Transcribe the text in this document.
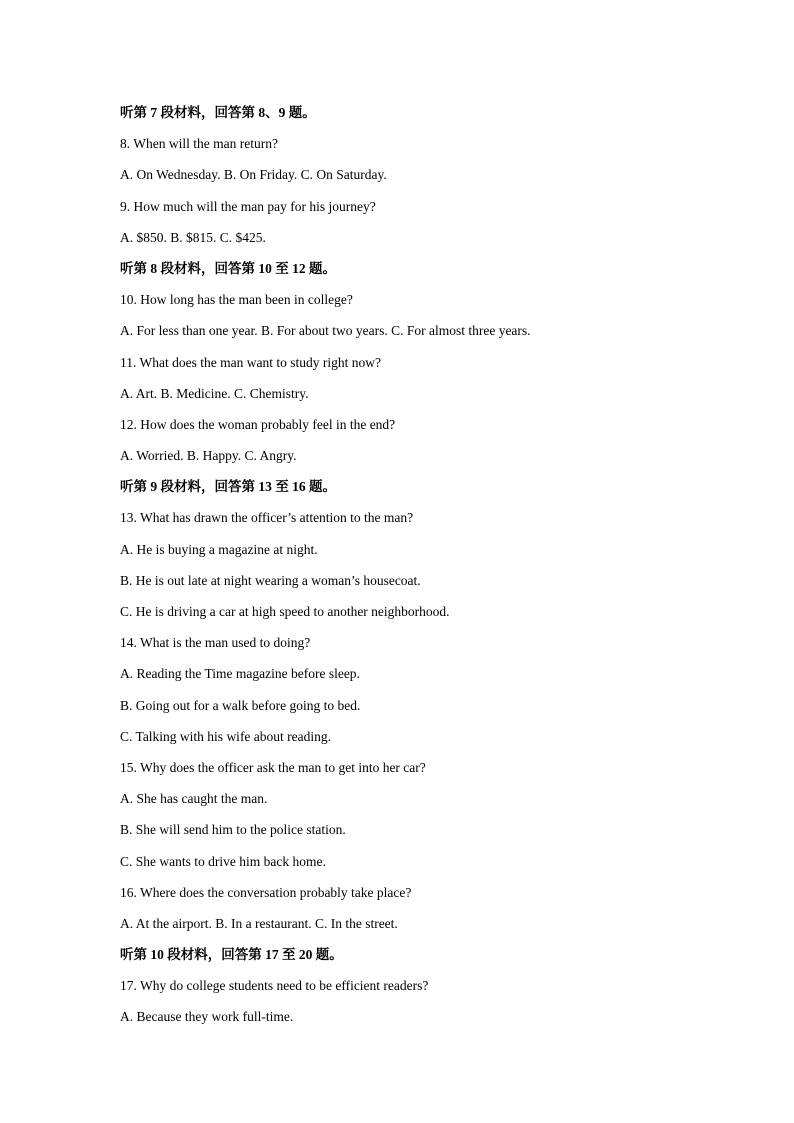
听第 7 段材料，回答第 8、9 题。
8. When will the man return?
A. On Wednesday. B. On Friday. C. On Saturday.
9. How much will the man pay for his journey?
A. $850. B. $815. C. $425.
听第 8 段材料，回答第 10 至 12 题。
10. How long has the man been in college?
A. For less than one year. B. For about two years. C. For almost three years.
11. What does the man want to study right now?
A. Art. B. Medicine. C. Chemistry.
12. How does the woman probably feel in the end?
A. Worried. B. Happy. C. Angry.
听第 9 段材料，回答第 13 至 16 题。
13. What has drawn the officer’s attention to the man?
A. He is buying a magazine at night.
B. He is out late at night wearing a woman’s housecoat.
C. He is driving a car at high speed to another neighborhood.
14. What is the man used to doing?
A. Reading the Time magazine before sleep.
B. Going out for a walk before going to bed.
C. Talking with his wife about reading.
15. Why does the officer ask the man to get into her car?
A. She has caught the man.
B. She will send him to the police station.
C. She wants to drive him back home.
16. Where does the conversation probably take place?
A. At the airport. B. In a restaurant. C. In the street.
听第 10 段材料，回答第 17 至 20 题。
17. Why do college students need to be efficient readers?
A. Because they work full-time.
